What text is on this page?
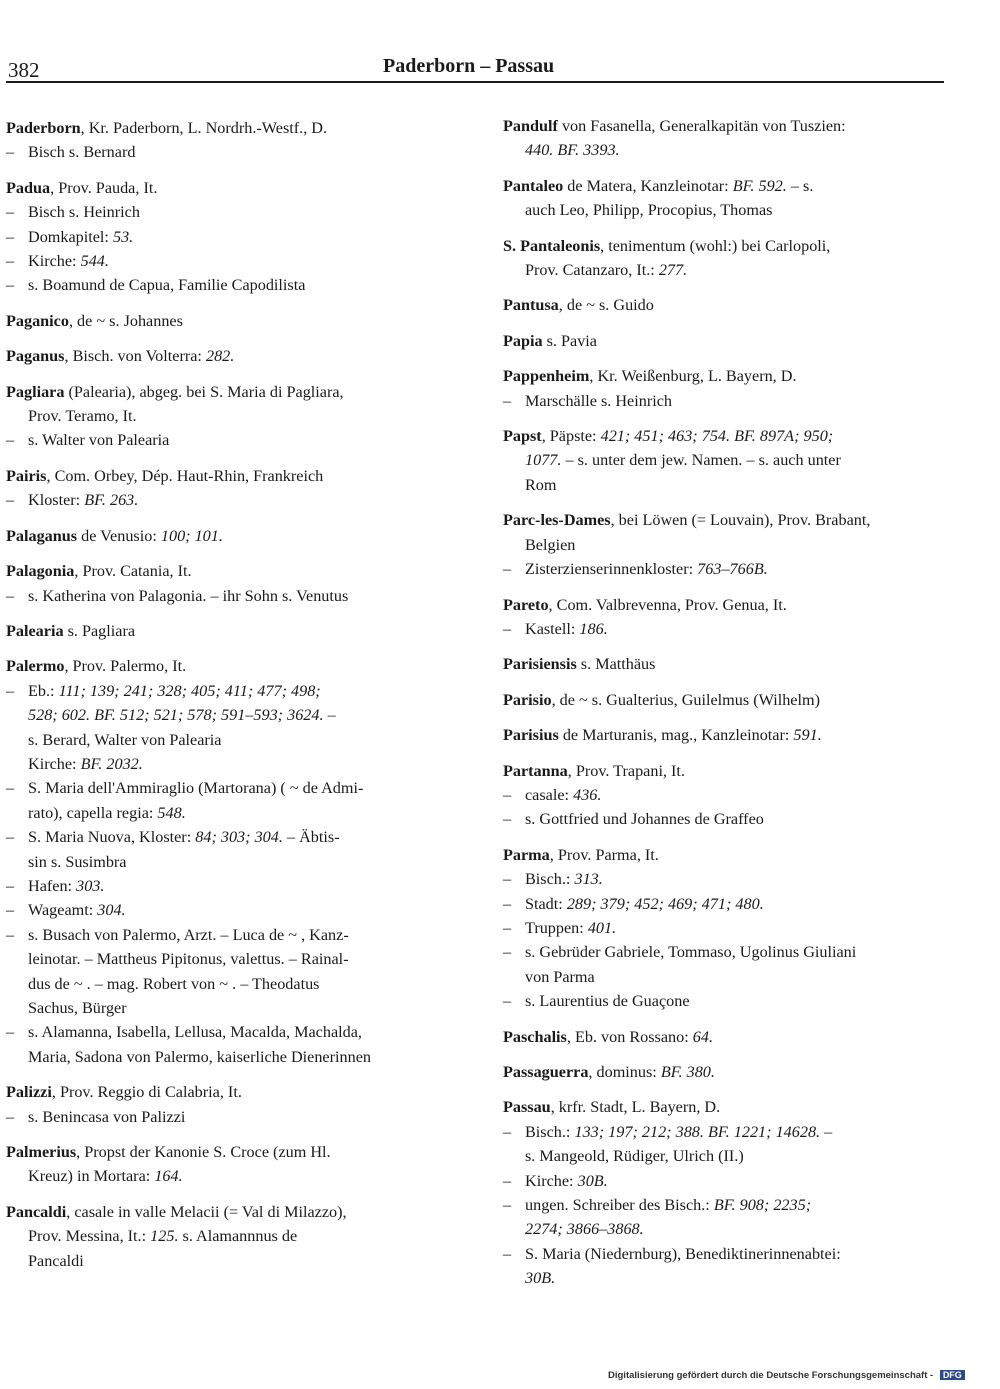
382	Paderborn – Passau
Paderborn, Kr. Paderborn, L. Nordrh.-Westf., D.
– Bisch s. Bernard
Padua, Prov. Pauda, It.
– Bisch s. Heinrich
– Domkapitel: 53.
– Kirche: 544.
– s. Boamund de Capua, Familie Capodilista
Paganico, de ~ s. Johannes
Paganus, Bisch. von Volterra: 282.
Pagliara (Palearia), abgeg. bei S. Maria di Pagliara,
Prov. Teramo, It.
– s. Walter von Palearia
Pairis, Com. Orbey, Dép. Haut-Rhin, Frankreich
– Kloster: BF. 263.
Palaganus de Venusio: 100; 101.
Palagonia, Prov. Catania, It.
– s. Katherina von Palagonia. – ihr Sohn s. Venutus
Palearia s. Pagliara
Palermo, Prov. Palermo, It.
– Eb.: 111; 139; 241; 328; 405; 411; 477; 498;
528; 602. BF. 512; 521; 578; 591–593; 3624. –
s. Berard, Walter von Palearia
Kirche: BF. 2032.
– S. Maria dell'Ammiraglio (Martorana) ( ~ de Admi-
rato), capella regia: 548.
– S. Maria Nuova, Kloster: 84; 303; 304. – Äbtis-
sin s. Susimbra
– Hafen: 303.
– Wageamt: 304.
– s. Busach von Palermo, Arzt. – Luca de ~ , Kanz-
leinotar. – Mattheus Pipitonus, valettus. – Rainal-
dus de ~ . – mag. Robert von ~ . – Theodatus
Sachus, Bürger
– s. Alamanna, Isabella, Lellusa, Macalda, Machalda,
Maria, Sadona von Palermo, kaiserliche Dienerinnen
Palizzi, Prov. Reggio di Calabria, It.
– s. Benincasa von Palizzi
Palmerius, Propst der Kanonie S. Croce (zum Hl.
Kreuz) in Mortara: 164.
Pancaldi, casale in valle Melacii (= Val di Milazzo),
Prov. Messina, It.: 125. s. Alamannnus de
Pancaldi
Pandulf von Fasanella, Generalkapitän von Tuszien:
440. BF. 3393.
Pantaleo de Matera, Kanzleinotar: BF. 592. – s.
auch Leo, Philipp, Procopius, Thomas
S. Pantaleonis, tenimentum (wohl:) bei Carlopoli,
Prov. Catanzaro, It.: 277.
Pantusa, de ~ s. Guido
Papia s. Pavia
Pappenheim, Kr. Weißenburg, L. Bayern, D.
– Marschälle s. Heinrich
Papst, Päpste: 421; 451; 463; 754. BF. 897A; 950;
1077. – s. unter dem jew. Namen. – s. auch unter
Rom
Parc-les-Dames, bei Löwen (= Louvain), Prov. Brabant,
Belgien
– Zisterzienserinnenkloster: 763–766B.
Pareto, Com. Valbrevenna, Prov. Genua, It.
– Kastell: 186.
Parisiensis s. Matthäus
Parisio, de ~ s. Gualterius, Guilelmus (Wilhelm)
Parisius de Marturanis, mag., Kanzleinotar: 591.
Partanna, Prov. Trapani, It.
– casale: 436.
– s. Gottfried und Johannes de Graffeo
Parma, Prov. Parma, It.
– Bisch.: 313.
– Stadt: 289; 379; 452; 469; 471; 480.
– Truppen: 401.
– s. Gebrüder Gabriele, Tommaso, Ugolinus Giuliani
von Parma
– s. Laurentius de Guaçone
Paschalis, Eb. von Rossano: 64.
Passaguerra, dominus: BF. 380.
Passau, krfr. Stadt, L. Bayern, D.
– Bisch.: 133; 197; 212; 388. BF. 1221; 14628. –
s. Mangeold, Rüdiger, Ulrich (II.)
– Kirche: 30B.
– ungen. Schreiber des Bisch.: BF. 908; 2235;
2274; 3866–3868.
– S. Maria (Niedernburg), Benediktinerinnenabtei:
30B.
Digitalisierung gefördert durch die Deutsche Forschungsgemeinschaft - DFG
